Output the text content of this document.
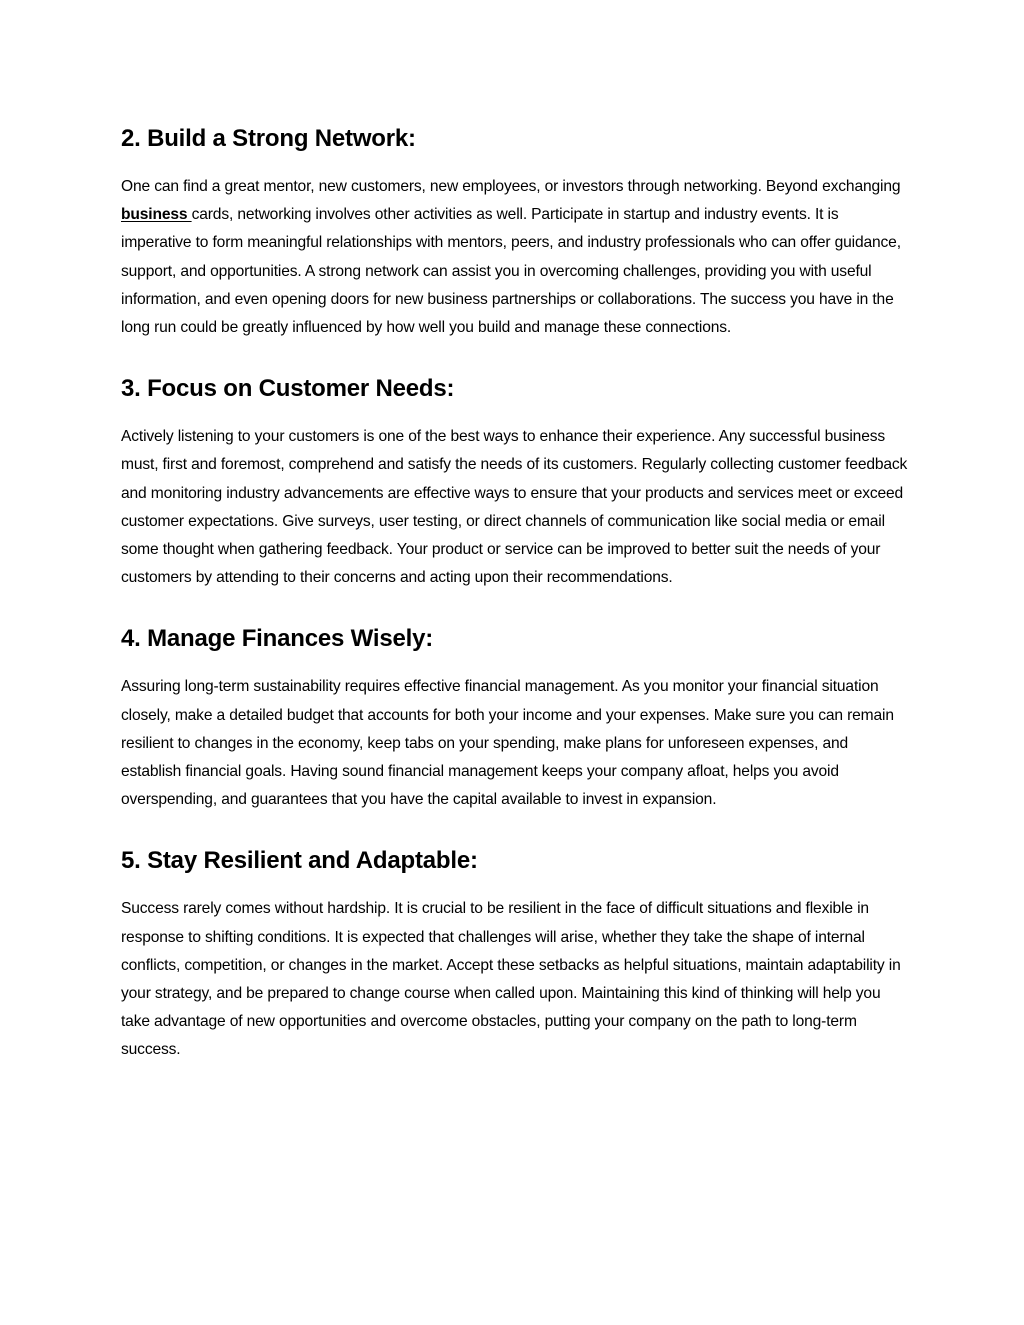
2. Build a Strong Network:

One can find a great mentor, new customers, new employees, or investors through networking. Beyond exchanging business cards, networking involves other activities as well. Participate in startup and industry events. It is imperative to form meaningful relationships with mentors, peers, and industry professionals who can offer guidance, support, and opportunities. A strong network can assist you in overcoming challenges, providing you with useful information, and even opening doors for new business partnerships or collaborations. The success you have in the long run could be greatly influenced by how well you build and manage these connections.

3. Focus on Customer Needs:

Actively listening to your customers is one of the best ways to enhance their experience. Any successful business must, first and foremost, comprehend and satisfy the needs of its customers. Regularly collecting customer feedback and monitoring industry advancements are effective ways to ensure that your products and services meet or exceed customer expectations. Give surveys, user testing, or direct channels of communication like social media or email some thought when gathering feedback. Your product or service can be improved to better suit the needs of your customers by attending to their concerns and acting upon their recommendations.

4. Manage Finances Wisely:

Assuring long-term sustainability requires effective financial management. As you monitor your financial situation closely, make a detailed budget that accounts for both your income and your expenses. Make sure you can remain resilient to changes in the economy, keep tabs on your spending, make plans for unforeseen expenses, and establish financial goals. Having sound financial management keeps your company afloat, helps you avoid overspending, and guarantees that you have the capital available to invest in expansion.

5. Stay Resilient and Adaptable:

Success rarely comes without hardship. It is crucial to be resilient in the face of difficult situations and flexible in response to shifting conditions. It is expected that challenges will arise, whether they take the shape of internal conflicts, competition, or changes in the market. Accept these setbacks as helpful situations, maintain adaptability in your strategy, and be prepared to change course when called upon. Maintaining this kind of thinking will help you take advantage of new opportunities and overcome obstacles, putting your company on the path to long-term success.
